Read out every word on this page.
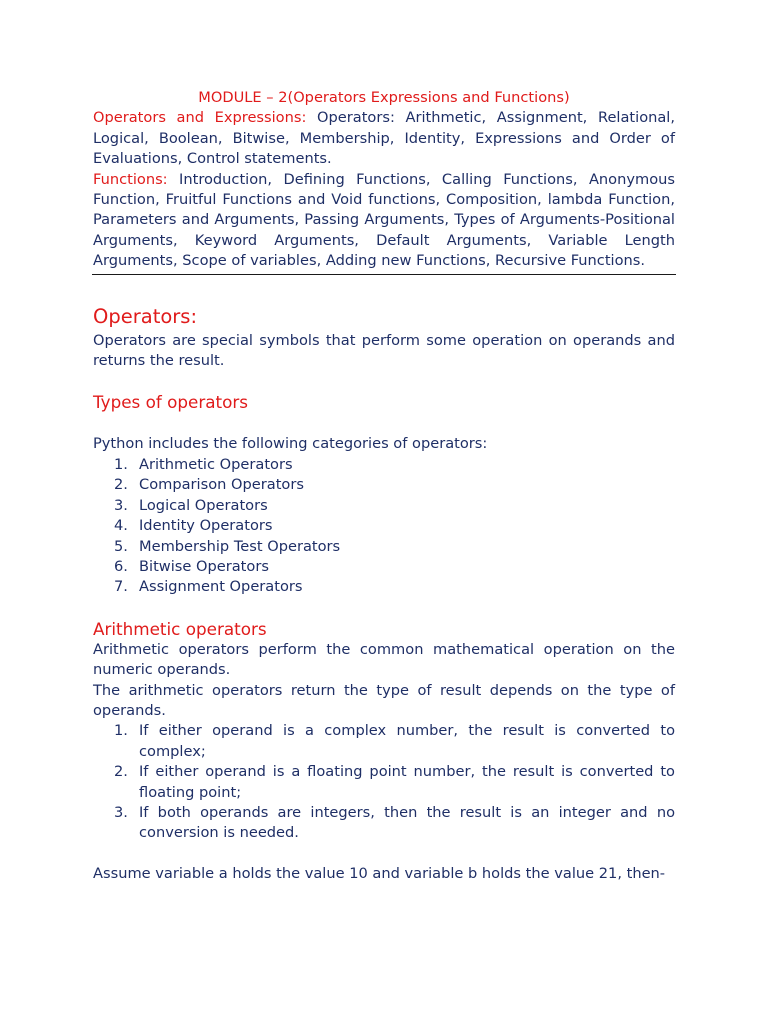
MODULE – 2(Operators Expressions and Functions)

Operators and Expressions: Operators: Arithmetic, Assignment, Relational, Logical, Boolean, Bitwise, Membership, Identity, Expressions and Order of Evaluations, Control statements.

Functions: Introduction, Defining Functions, Calling Functions, Anonymous Function, Fruitful Functions and Void functions, Composition, lambda Function, Parameters and Arguments, Passing Arguments, Types of Arguments-Positional Arguments, Keyword Arguments, Default Arguments, Variable Length Arguments, Scope of variables, Adding new Functions, Recursive Functions.

Operators:

Operators are special symbols that perform some operation on operands and returns the result.

Types of operators

Python includes the following categories of operators:

1. Arithmetic Operators
2. Comparison Operators
3. Logical Operators
4. Identity Operators
5. Membership Test Operators
6. Bitwise Operators
7. Assignment Operators
Arithmetic operators

Arithmetic operators perform the common mathematical operation on the numeric operands.

The arithmetic operators return the type of result depends on the type of operands.

1. If either operand is a complex number, the result is converted to complex;
2. If either operand is a floating point number, the result is converted to floating point;
3. If both operands are integers, then the result is an integer and no conversion is needed.

Assume variable a holds the value 10 and variable b holds the value 21, then-
